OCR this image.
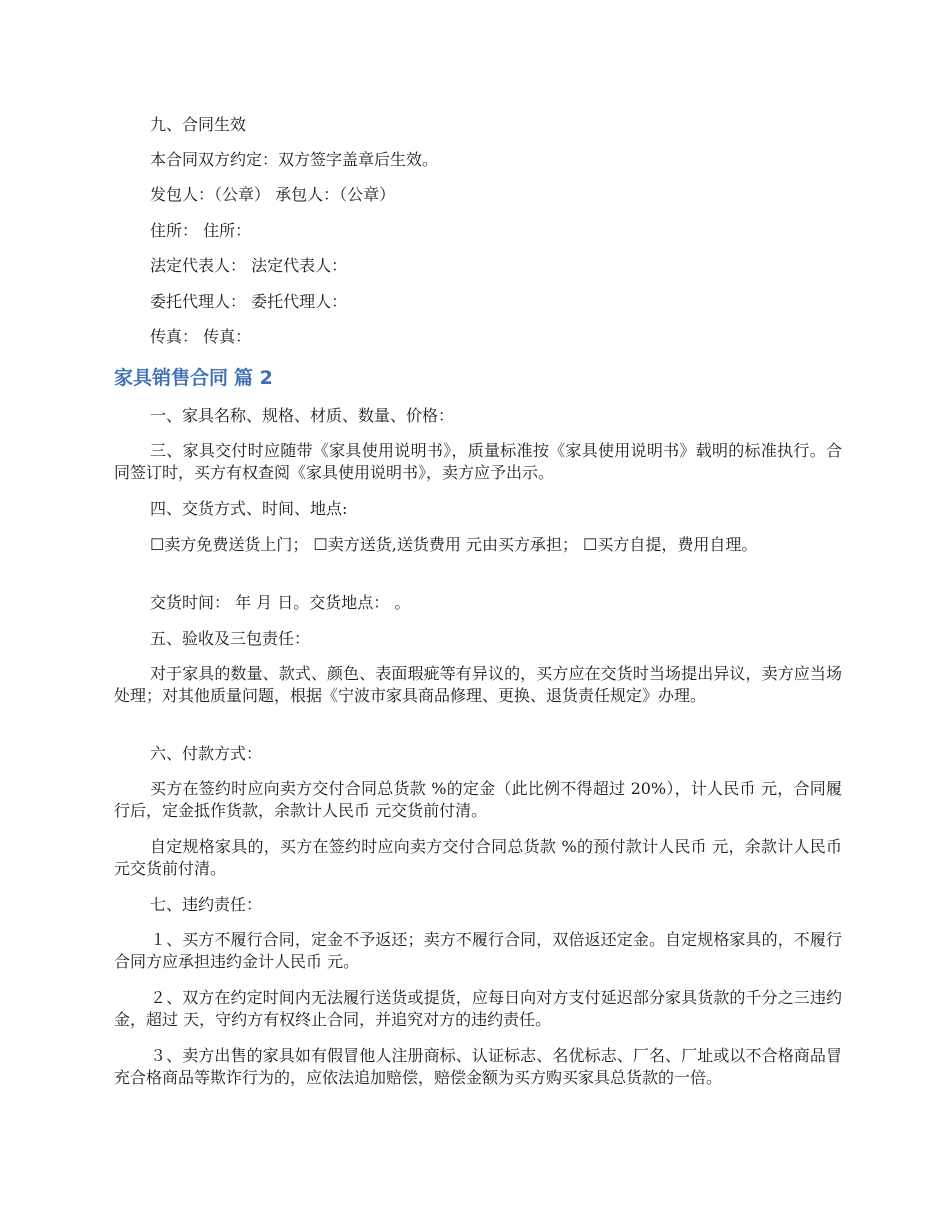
九、合同生效

本合同双方约定：双方签字盖章后生效。

发包人：（公章） 承包人：（公章）

住所： 住所：

法定代表人： 法定代表人：

委托代理人： 委托代理人：

传真： 传真：

家具销售合同 篇 2

一、家具名称、规格、材质、数量、价格：

三、家具交付时应随带《家具使用说明书》，质量标准按《家具使用说明书》载明的标准执行。合同签订时，买方有权查阅《家具使用说明书》，卖方应予出示。

四、交货方式、时间、地点:

☐卖方免费送货上门； ☐卖方送货,送货费用 元由买方承担； ☐买方自提，费用自理。

交货时间： 年 月 日。交货地点： 。

五、验收及三包责任：

对于家具的数量、款式、颜色、表面瑕疵等有异议的，买方应在交货时当场提出异议，卖方应当场处理；对其他质量问题，根据《宁波市家具商品修理、更换、退货责任规定》办理。

六、付款方式：

买方在签约时应向卖方交付合同总货款 %的定金（此比例不得超过 20%），计人民币 元，合同履行后，定金抵作货款，余款计人民币 元交货前付清。

自定规格家具的，买方在签约时应向卖方交付合同总货款 %的预付款计人民币 元，余款计人民币 元交货前付清。

七、违约责任：

１、买方不履行合同，定金不予返还；卖方不履行合同，双倍返还定金。自定规格家具的，不履行合同方应承担违约金计人民币 元。

２、双方在约定时间内无法履行送货或提货，应每日向对方支付延迟部分家具货款的千分之三违约金，超过 天，守约方有权终止合同，并追究对方的违约责任。

３、卖方出售的家具如有假冒他人注册商标、认证标志、名优标志、厂名、厂址或以不合格商品冒充合格商品等欺诈行为的，应依法追加赔偿，赔偿金额为买方购买家具总货款的一倍。
